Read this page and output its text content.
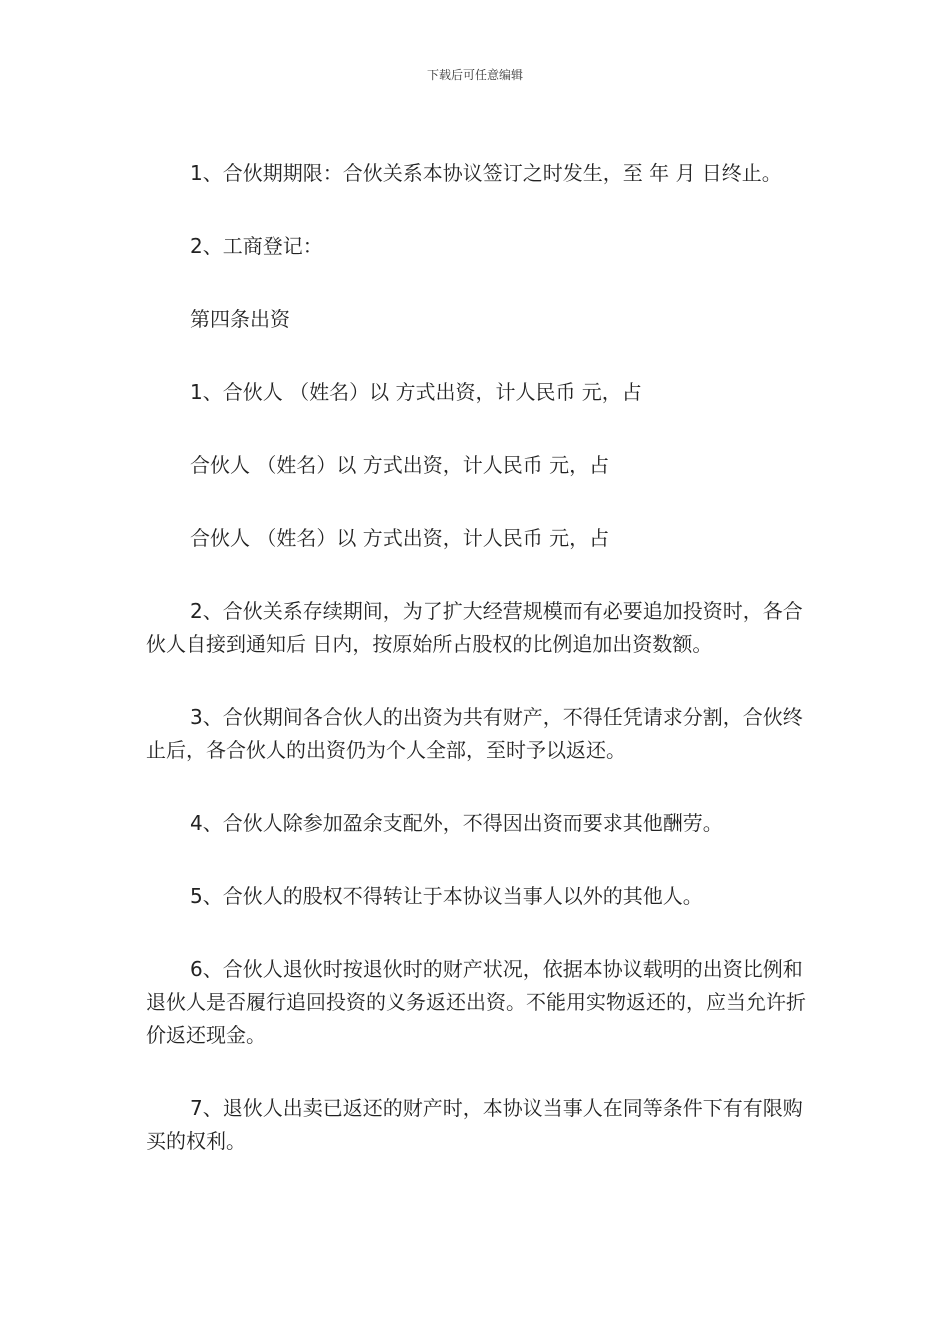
下载后可任意编辑

1、合伙期期限：合伙关系本协议签订之时发生，至 年 月 日终止。

2、工商登记：

第四条出资

1、合伙人 （姓名）以 方式出资，计人民币 元，占

合伙人 （姓名）以 方式出资，计人民币 元，占

合伙人 （姓名）以 方式出资，计人民币 元，占

2、合伙关系存续期间，为了扩大经营规模而有必要追加投资时，各合伙人自接到通知后 日内，按原始所占股权的比例追加出资数额。

3、合伙期间各合伙人的出资为共有财产，不得任凭请求分割，合伙终止后，各合伙人的出资仍为个人全部，至时予以返还。

4、合伙人除参加盈余支配外，不得因出资而要求其他酬劳。

5、合伙人的股权不得转让于本协议当事人以外的其他人。

6、合伙人退伙时按退伙时的财产状况，依据本协议载明的出资比例和退伙人是否履行追回投资的义务返还出资。不能用实物返还的，应当允许折价返还现金。

7、退伙人出卖已返还的财产时，本协议当事人在同等条件下有有限购买的权利。
